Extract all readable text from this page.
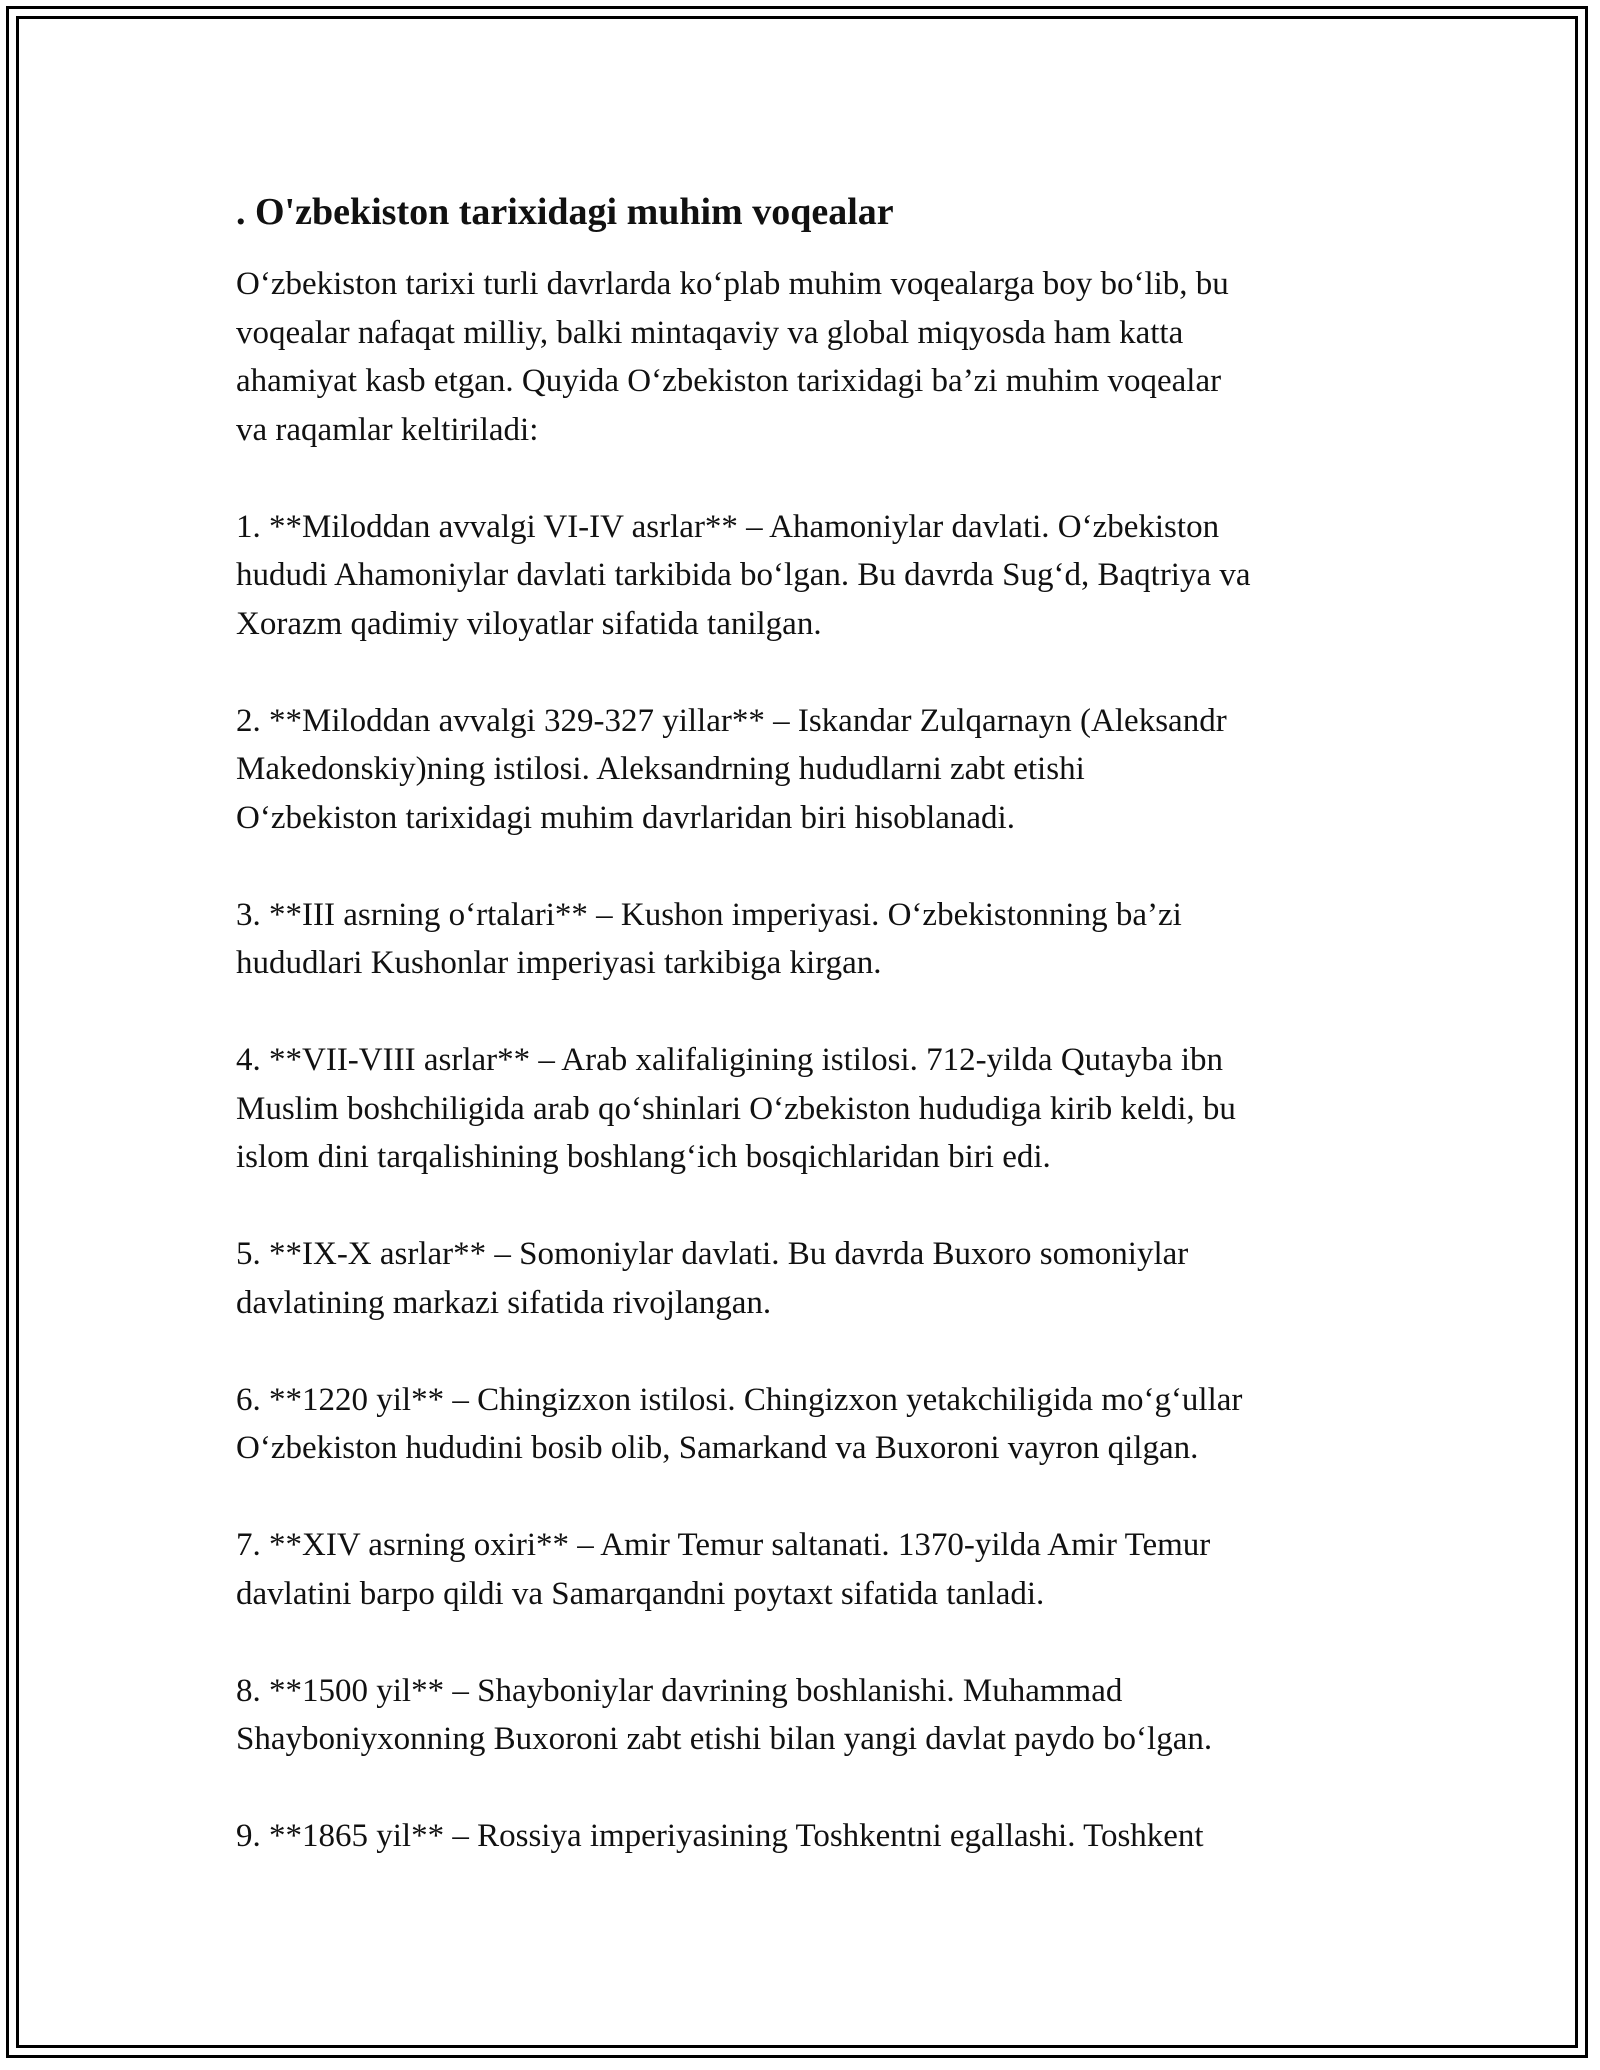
. O'zbekiston tarixidagi muhim voqealar

O‘zbekiston tarixi turli davrlarda ko‘plab muhim voqealarga boy bo‘lib, bu
voqealar nafaqat milliy, balki mintaqaviy va global miqyosda ham katta
ahamiyat kasb etgan. Quyida O‘zbekiston tarixidagi ba’zi muhim voqealar
va raqamlar keltiriladi:

1. **Miloddan avvalgi VI-IV asrlar** – Ahamoniylar davlati. O‘zbekiston
hududi Ahamoniylar davlati tarkibida bo‘lgan. Bu davrda Sug‘d, Baqtriya va
Xorazm qadimiy viloyatlar sifatida tanilgan.

2. **Miloddan avvalgi 329-327 yillar** – Iskandar Zulqarnayn (Aleksandr
Makedonskiy)ning istilosi. Aleksandrning hududlarni zabt etishi
O‘zbekiston tarixidagi muhim davrlaridan biri hisoblanadi.

3. **III asrning o‘rtalari** – Kushon imperiyasi. O‘zbekistonning ba’zi
hududlari Kushonlar imperiyasi tarkibiga kirgan.

4. **VII-VIII asrlar** – Arab xalifaligining istilosi. 712-yilda Qutayba ibn
Muslim boshchiligida arab qo‘shinlari O‘zbekiston hududiga kirib keldi, bu
islom dini tarqalishining boshlang‘ich bosqichlaridan biri edi.

5. **IX-X asrlar** – Somoniylar davlati. Bu davrda Buxoro somoniylar
davlatining markazi sifatida rivojlangan.

6. **1220 yil** – Chingizxon istilosi. Chingizxon yetakchiligida mo‘g‘ullar
O‘zbekiston hududini bosib olib, Samarkand va Buxoroni vayron qilgan.

7. **XIV asrning oxiri** – Amir Temur saltanati. 1370-yilda Amir Temur
davlatini barpo qildi va Samarqandni poytaxt sifatida tanladi.

8. **1500 yil** – Shayboniylar davrining boshlanishi. Muhammad
Shayboniyxonning Buxoroni zabt etishi bilan yangi davlat paydo bo‘lgan.

9. **1865 yil** – Rossiya imperiyasining Toshkentni egallashi. Toshkent
